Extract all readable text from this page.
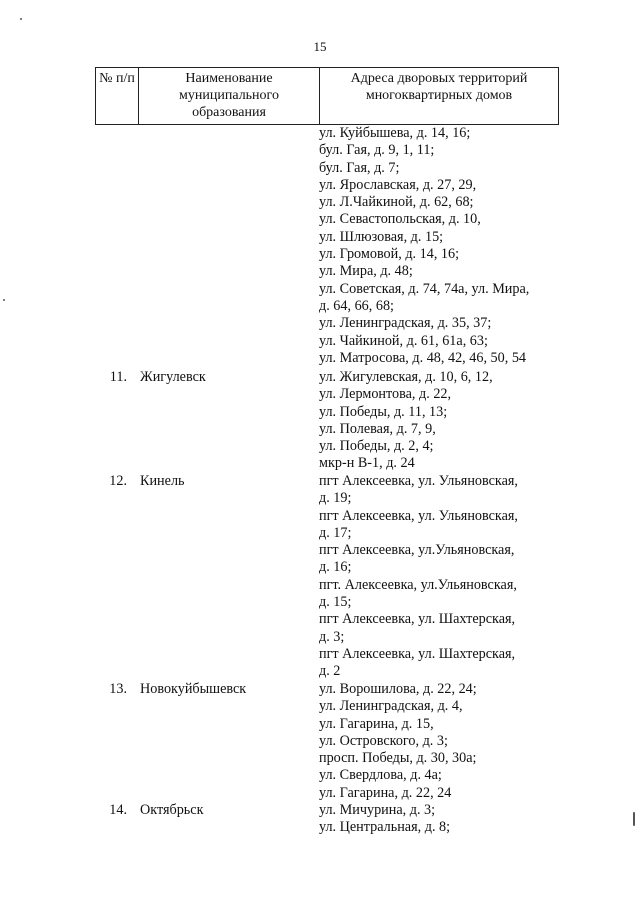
15
№ п/п	Наименование муниципального образования	Адреса дворовых территорий многоквартирных домов
ул. Куйбышева, д. 14, 16;
бул. Гая, д. 9, 1, 11;
бул. Гая, д. 7;
ул. Ярославская, д. 27, 29,
ул. Л.Чайкиной, д. 62, 68;
ул. Севастопольская, д. 10,
ул. Шлюзовая, д. 15;
ул. Громовой, д. 14, 16;
ул. Мира, д. 48;
ул. Советская, д. 74, 74а, ул. Мира,
д. 64, 66, 68;
ул. Ленинградская, д. 35, 37;
ул. Чайкиной, д. 61, 61а, 63;
ул. Матросова, д. 48, 42, 46, 50, 54
11. Жигулевск	ул. Жигулевская, д. 10, 6, 12,
ул. Лермонтова, д. 22,
ул. Победы, д. 11, 13;
ул. Полевая, д. 7, 9,
ул. Победы, д. 2, 4;
мкр-н В-1, д. 24
12. Кинель	пгт Алексеевка, ул. Ульяновская,
д. 19;
пгт Алексеевка, ул. Ульяновская,
д. 17;
пгт Алексеевка, ул.Ульяновская,
д. 16;
пгт. Алексеевка, ул.Ульяновская,
д. 15;
пгт Алексеевка, ул. Шахтерская,
д. 3;
пгт Алексеевка, ул. Шахтерская,
д. 2
13. Новокуйбышевск	ул. Ворошилова, д. 22, 24;
ул. Ленинградская, д. 4,
ул. Гагарина, д. 15,
ул. Островского, д. 3;
просп. Победы, д. 30, 30а;
ул. Свердлова, д. 4а;
ул. Гагарина, д. 22, 24
14. Октябрьск	ул. Мичурина, д. 3;
ул. Центральная, д. 8;
